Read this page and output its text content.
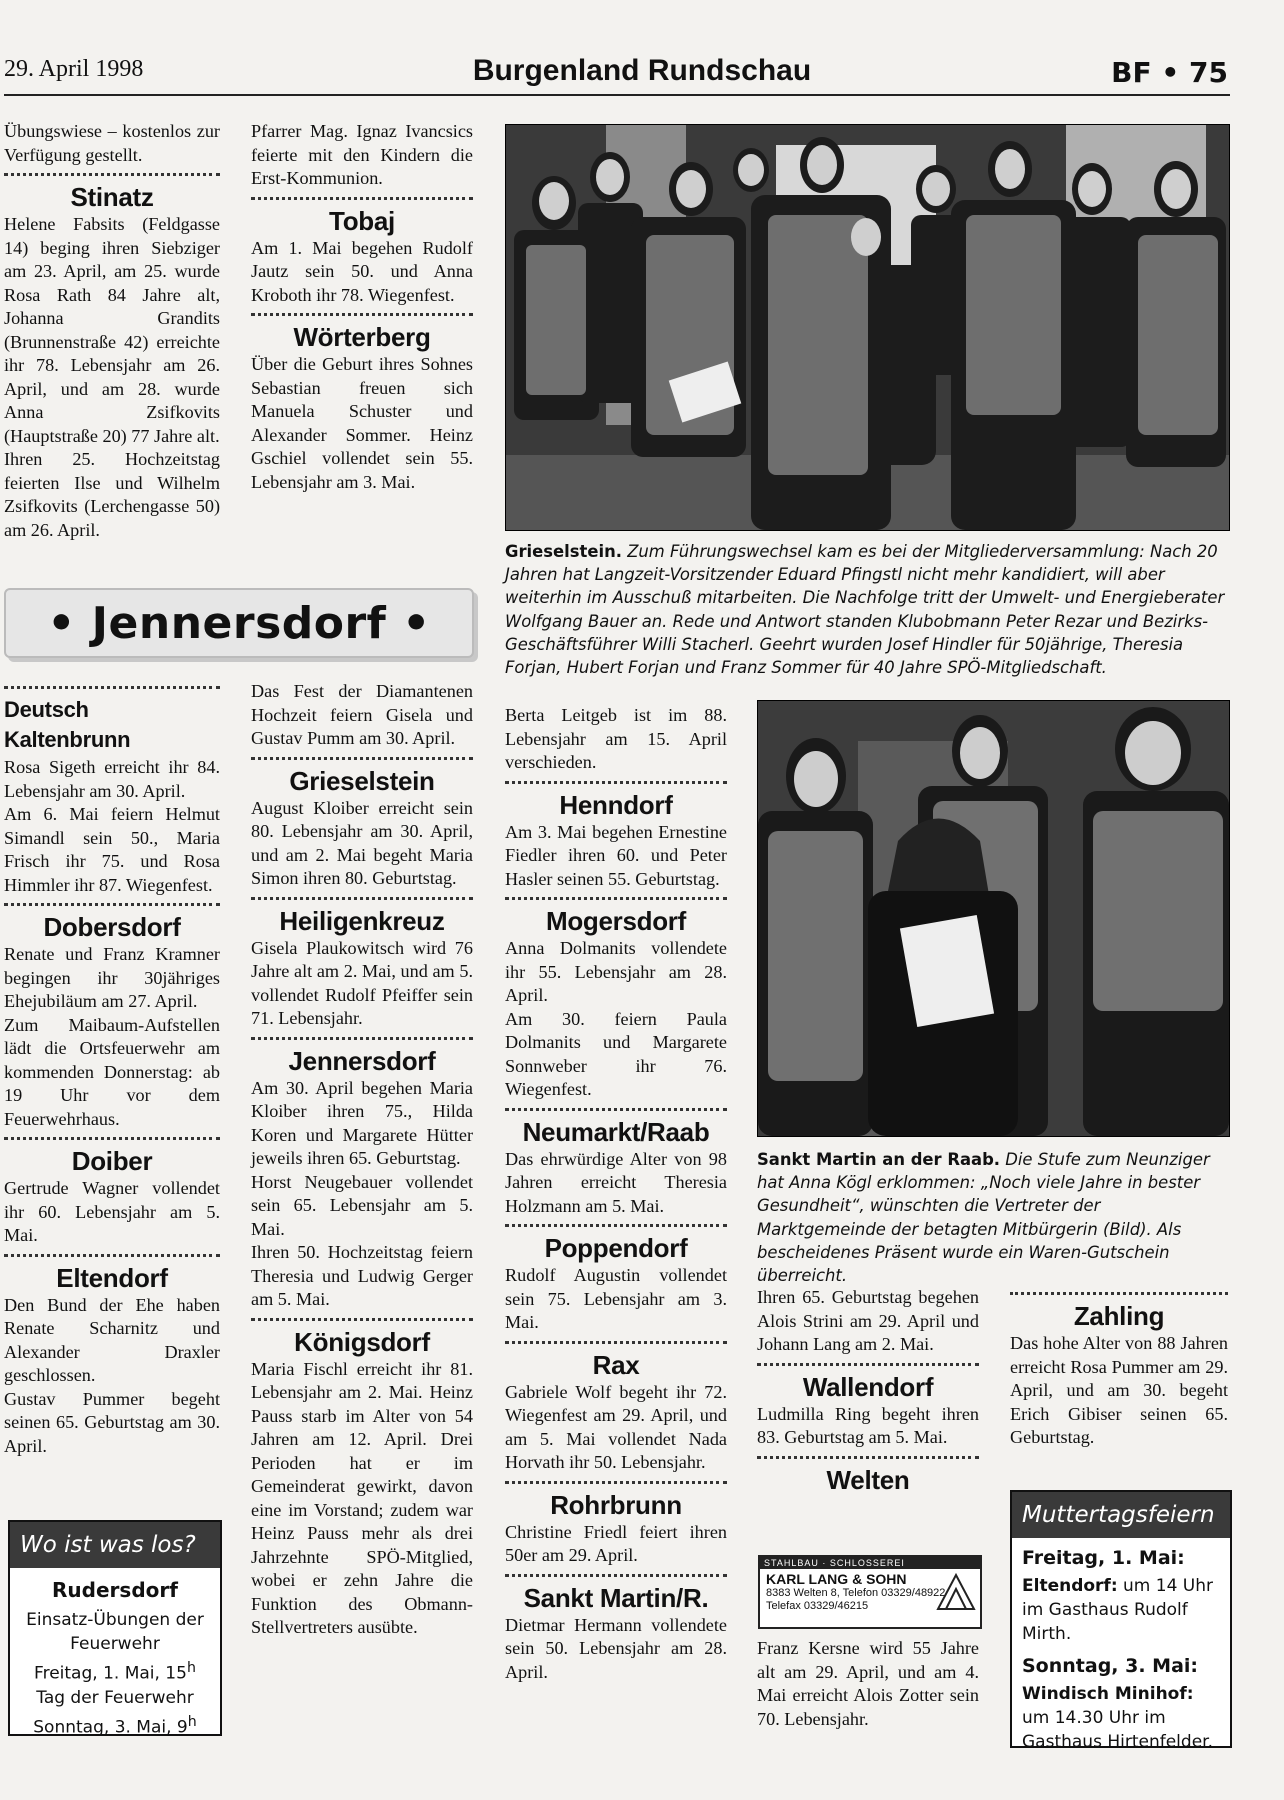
29. April 1998	Burgenland Rundschau	BF • 75

Übungswiese – kostenlos zur Verfügung gestellt.

Stinatz

Helene Fabsits (Feldgasse 14) beging ihren Siebziger am 23. April, am 25. wurde Rosa Rath 84 Jahre alt, Johanna Grandits (Brunnenstraße 42) erreichte ihr 78. Lebensjahr am 26. April, und am 28. wurde Anna Zsifkovits (Hauptstraße 20) 77 Jahre alt.

Ihren 25. Hochzeitstag feierten Ilse und Wilhelm Zsifkovits (Lerchengasse 50) am 26. April.

Pfarrer Mag. Ignaz Ivancsics feierte mit den Kindern die Erst-Kommunion.

Tobaj

Am 1. Mai begehen Rudolf Jautz sein 50. und Anna Kroboth ihr 78. Wiegenfest.

Wörterberg

Über die Geburt ihres Sohnes Sebastian freuen sich Manuela Schuster und Alexander Sommer. Heinz Gschiel vollendet sein 55. Lebensjahr am 3. Mai.

Grieselstein. Zum Führungswechsel kam es bei der Mitgliederversammlung: Nach 20 Jahren hat Langzeit-Vorsitzender Eduard Pfingstl nicht mehr kandidiert, will aber weiterhin im Ausschuß mitarbeiten. Die Nachfolge tritt der Umwelt- und Energieberater Wolfgang Bauer an. Rede und Antwort standen Klubobmann Peter Rezar und Bezirks-Geschäftsführer Willi Stacherl. Geehrt wurden Josef Hindler für 50jährige, Theresia Forjan, Hubert Forjan und Franz Sommer für 40 Jahre SPÖ-Mitgliedschaft.
• Jennersdorf •
Deutsch Kaltenbrunn

Rosa Sigeth erreicht ihr 84. Lebensjahr am 30. April.

Am 6. Mai feiern Helmut Simandl sein 50., Maria Frisch ihr 75. und Rosa Himmler ihr 87. Wiegenfest.

Dobersdorf

Renate und Franz Kramner begingen ihr 30jähriges Ehejubiläum am 27. April.

Zum Maibaum-Aufstellen lädt die Ortsfeuerwehr am kommenden Donnerstag: ab 19 Uhr vor dem Feuerwehrhaus.

Doiber

Gertrude Wagner vollendet ihr 60. Lebensjahr am 5. Mai.

Eltendorf

Den Bund der Ehe haben Renate Scharnitz und Alexander Draxler geschlossen.

Gustav Pummer begeht seinen 65. Geburtstag am 30. April.

Wo ist was los?
Rudersdorf
Einsatz-Übungen der Feuerwehr
Freitag, 1. Mai, 15$^h$
Tag der Feuerwehr
Sonntag, 3. Mai, 9$^h$

Das Fest der Diamantenen Hochzeit feiern Gisela und Gustav Pumm am 30. April.

Grieselstein

August Kloiber erreicht sein 80. Lebensjahr am 30. April, und am 2. Mai begeht Maria Simon ihren 80. Geburtstag.

Heiligenkreuz

Gisela Plaukowitsch wird 76 Jahre alt am 2. Mai, und am 5. vollendet Rudolf Pfeiffer sein 71. Lebensjahr.

Jennersdorf

Am 30. April begehen Maria Kloiber ihren 75., Hilda Koren und Margarete Hütter jeweils ihren 65. Geburtstag.

Horst Neugebauer vollendet sein 65. Lebensjahr am 5. Mai.

Ihren 50. Hochzeitstag feiern Theresia und Ludwig Gerger am 5. Mai.

Königsdorf

Maria Fischl erreicht ihr 81. Lebensjahr am 2. Mai. Heinz Pauss starb im Alter von 54 Jahren am 12. April. Drei Perioden hat er im Gemeinderat gewirkt, davon eine im Vorstand; zudem war Heinz Pauss mehr als drei Jahrzehnte SPÖ-Mitglied, wobei er zehn Jahre die Funktion des Obmann-Stellvertreters ausübte.

Berta Leitgeb ist im 88. Lebensjahr am 15. April verschieden.

Henndorf

Am 3. Mai begehen Ernestine Fiedler ihren 60. und Peter Hasler seinen 55. Geburtstag.

Mogersdorf

Anna Dolmanits vollendete ihr 55. Lebensjahr am 28. April.

Am 30. feiern Paula Dolmanits und Margarete Sonnweber ihr 76. Wiegenfest.

Neumarkt/Raab

Das ehrwürdige Alter von 98 Jahren erreicht Theresia Holzmann am 5. Mai.

Poppendorf

Rudolf Augustin vollendet sein 75. Lebensjahr am 3. Mai.

Rax

Gabriele Wolf begeht ihr 72. Wiegenfest am 29. April, und am 5. Mai vollendet Nada Horvath ihr 50. Lebensjahr.

Rohrbrunn

Christine Friedl feiert ihren 50er am 29. April.

Sankt Martin/R.

Dietmar Hermann vollendete sein 50. Lebensjahr am 28. April.

Sankt Martin an der Raab. Die Stufe zum Neunziger hat Anna Kögl erklommen: „Noch viele Jahre in bester Gesundheit“, wünschten die Vertreter der Marktgemeinde der betagten Mitbürgerin (Bild). Als bescheidenes Präsent wurde ein Waren-Gutschein überreicht.

Ihren 65. Geburtstag begehen Alois Strini am 29. April und Johann Lang am 2. Mai.

Wallendorf

Ludmilla Ring begeht ihren 83. Geburtstag am 5. Mai.

Welten
STAHLBAU · SCHLOSSEREI
KARL LANG & SOHN
8383 Welten 8, Telefon 03329/48922
Telefax 03329/46215

Franz Kersne wird 55 Jahre alt am 29. April, und am 4. Mai erreicht Alois Zotter sein 70. Lebensjahr.

Zahling

Das hohe Alter von 88 Jahren erreicht Rosa Pummer am 29. April, und am 30. begeht Erich Gibiser seinen 65. Geburtstag.

Muttertagsfeiern
Freitag, 1. Mai:
Eltendorf: um 14 Uhr im Gasthaus Rudolf Mirth.
Sonntag, 3. Mai:
Windisch Minihof: um 14.30 Uhr im Gasthaus Hirtenfelder.
